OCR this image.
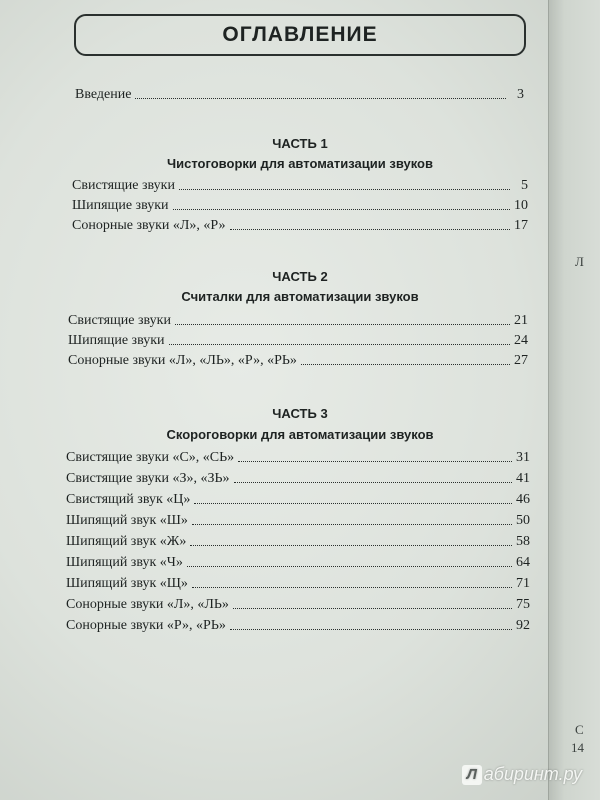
ОГЛАВЛЕНИЕ
Введение	3
ЧАСТЬ 1
Чистоговорки для автоматизации звуков
Свистящие звуки	5
Шипящие звуки	10
Сонорные звуки «Л», «Р»	17
ЧАСТЬ 2
Считалки для автоматизации звуков
Свистящие звуки	21
Шипящие звуки	24
Сонорные звуки «Л», «ЛЬ», «Р», «РЬ»	27
ЧАСТЬ 3
Скороговорки для автоматизации звуков
Свистящие звуки «С», «СЬ»	31
Свистящие звуки «З», «ЗЬ»	41
Свистящий звук «Ц»	46
Шипящий звук «Ш»	50
Шипящий звук «Ж»	58
Шипящий звук «Ч»	64
Шипящий звук «Щ»	71
Сонорные звуки «Л», «ЛЬ»	75
Сонорные звуки «Р», «РЬ»	92
Л
С
14
Л абиринт.ру
